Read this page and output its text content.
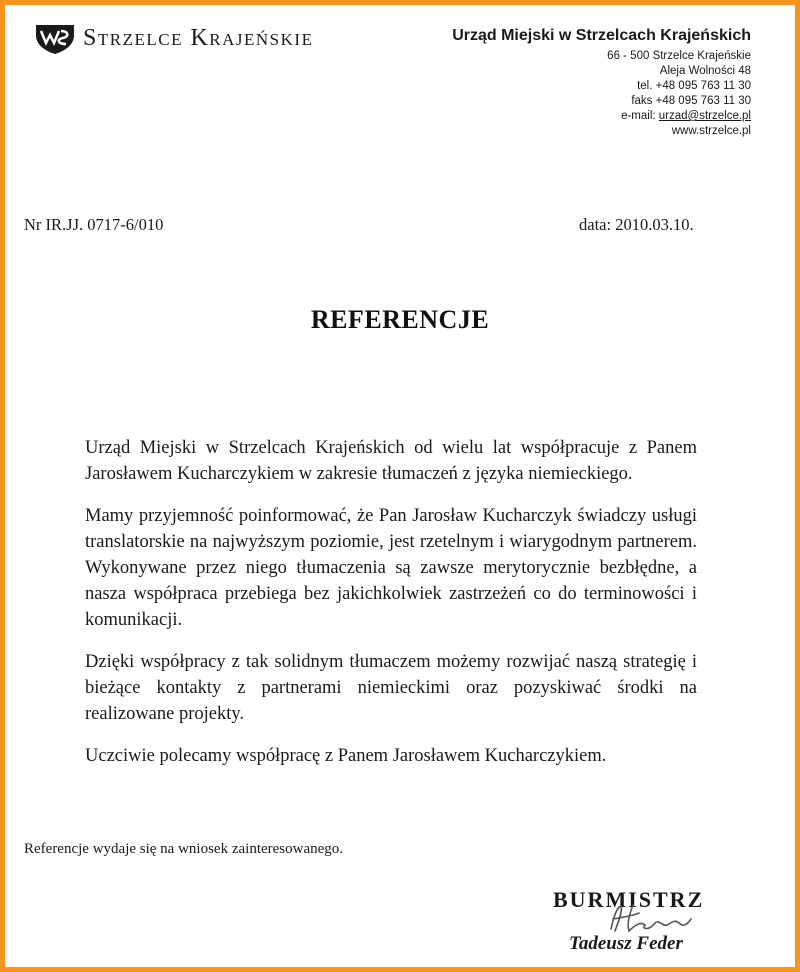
Strzelce Krajeńskie	Urząd Miejski w Strzelcach Krajeńskich
66 - 500 Strzelce Krajeńskie
Aleja Wolności 48
tel. +48 095 763 11 30
faks +48 095 763 11 30
e-mail: urzad@strzelce.pl
www.strzelce.pl
Nr IR.JJ. 0717-6/010	data: 2010.03.10.
REFERENCJE

Urząd Miejski w Strzelcach Krajeńskich od wielu lat współpracuje z Panem Jarosławem Kucharczykiem w zakresie tłumaczeń z języka niemieckiego.

Mamy przyjemność poinformować, że Pan Jarosław Kucharczyk świadczy usługi translatorskie na najwyższym poziomie, jest rzetelnym i wiarygodnym partnerem. Wykonywane przez niego tłumaczenia są zawsze merytorycznie bezbłędne, a nasza współpraca przebiega bez jakichkolwiek zastrzeżeń co do terminowości i komunikacji.

Dzięki współpracy z tak solidnym tłumaczem możemy rozwijać naszą strategię i bieżące kontakty z partnerami niemieckimi oraz pozyskiwać środki na realizowane projekty.

Uczciwie polecamy współpracę z Panem Jarosławem Kucharczykiem.

Referencje wydaje się na wniosek zainteresowanego.
BURMISTRZ
Tadeusz Feder
